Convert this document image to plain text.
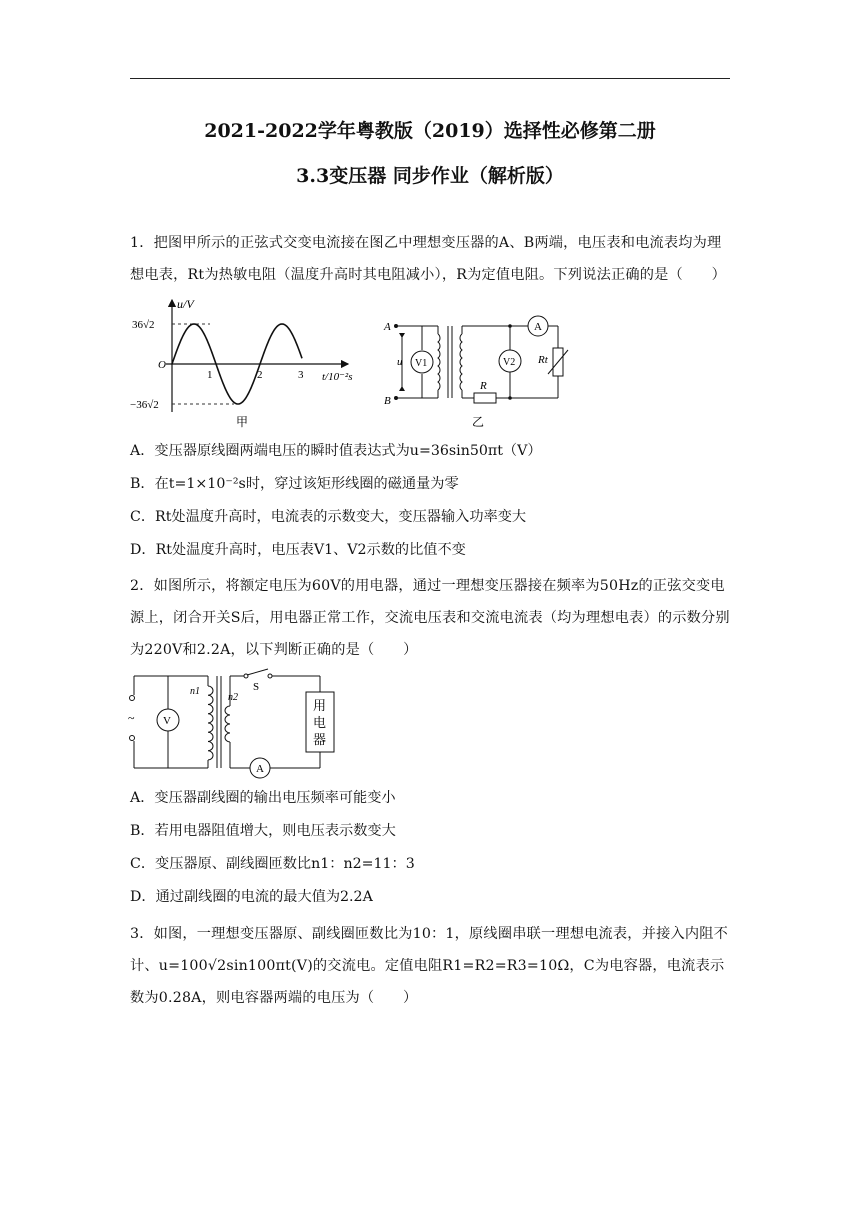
2021-2022学年粤教版（2019）选择性必修第二册
3.3变压器 同步作业（解析版）
1．把图甲所示的正弦式交变电流接在图乙中理想变压器的A、B两端，电压表和电流表均为理想电表，Rt为热敏电阻（温度升高时其电阻减小），R为定值电阻。下列说法正确的是（　　）
u/V
36√2
−36√2
O
1	2	3 t/10⁻²s
甲
A
B
u V1
A
R
V2 Rt
乙
A．变压器原线圈两端电压的瞬时值表达式为u=36sin50πt（V）
B．在t=1×10⁻²s时，穿过该矩形线圈的磁通量为零
C．Rt处温度升高时，电流表的示数变大，变压器输入功率变大
D．Rt处温度升高时，电压表V1、V2示数的比值不变
2．如图所示，将额定电压为60V的用电器，通过一理想变压器接在频率为50Hz的正弦交变电源上，闭合开关S后，用电器正常工作，交流电压表和交流电流表（均为理想电表）的示数分别为220V和2.2A，以下判断正确的是（　　）
~	V
n1
n2
S
用
电
器
A
A．变压器副线圈的输出电压频率可能变小
B．若用电器阻值增大，则电压表示数变大
C．变压器原、副线圈匝数比n1：n2=11：3
D．通过副线圈的电流的最大值为2.2A
3．如图，一理想变压器原、副线圈匝数比为10：1，原线圈串联一理想电流表，并接入内阻不计、u=100√2sin100πt(V)的交流电。定值电阻R1=R2=R3=10Ω，C为电容器，电流表示数为0.28A，则电容器两端的电压为（　　）
